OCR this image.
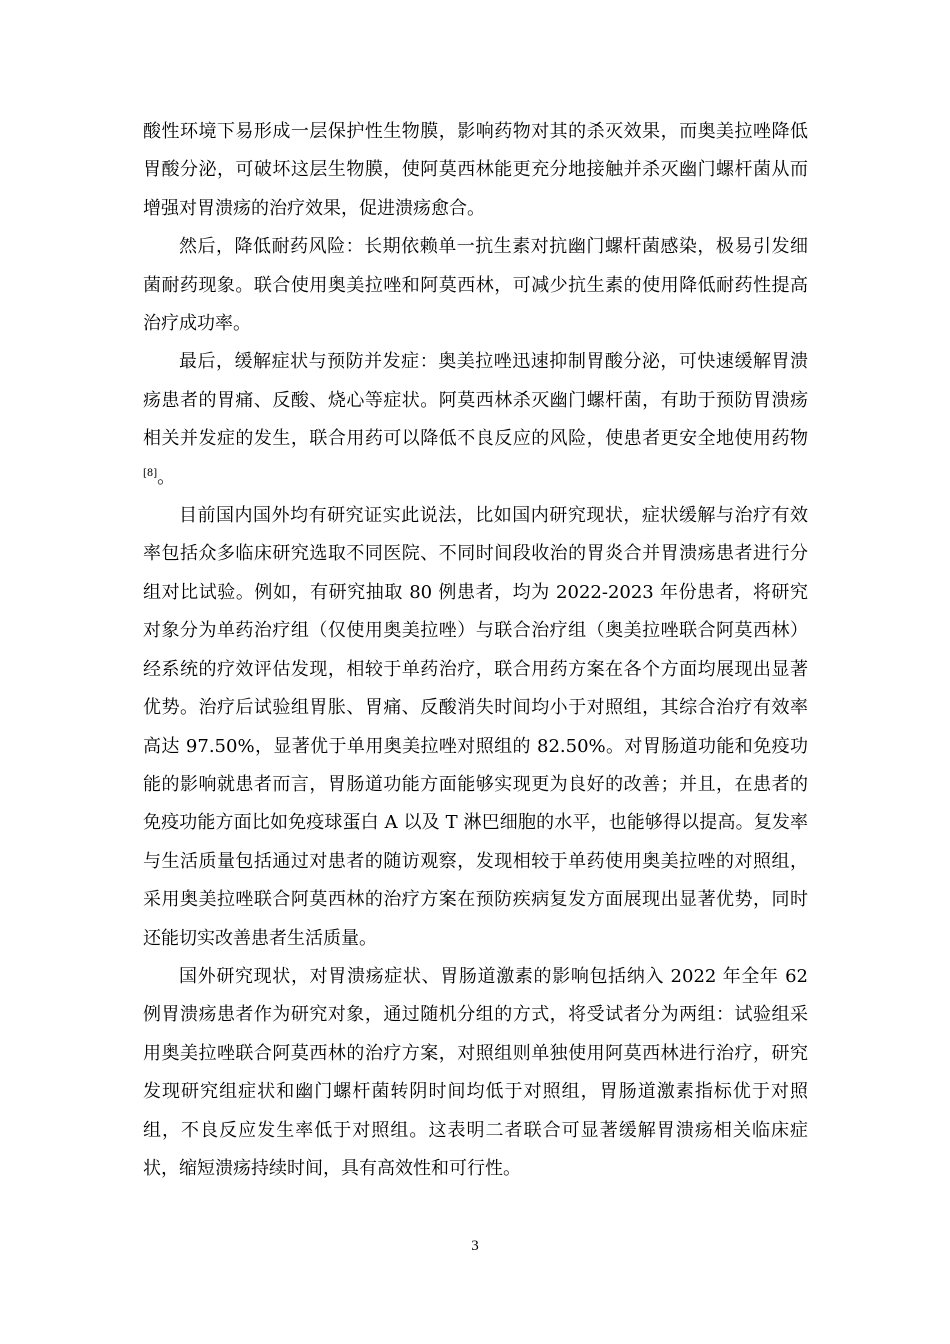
酸性环境下易形成一层保护性生物膜，影响药物对其的杀灭效果，而奥美拉唑降低胃酸分泌，可破坏这层生物膜，使阿莫西林能更充分地接触并杀灭幽门螺杆菌从而增强对胃溃疡的治疗效果，促进溃疡愈合。

然后，降低耐药风险：长期依赖单一抗生素对抗幽门螺杆菌感染，极易引发细菌耐药现象。联合使用奥美拉唑和阿莫西林，可减少抗生素的使用降低耐药性提高治疗成功率。

最后，缓解症状与预防并发症：奥美拉唑迅速抑制胃酸分泌，可快速缓解胃溃疡患者的胃痛、反酸、烧心等症状。阿莫西林杀灭幽门螺杆菌，有助于预防胃溃疡相关并发症的发生，联合用药可以降低不良反应的风险，使患者更安全地使用药物[8]。

目前国内国外均有研究证实此说法，比如国内研究现状，症状缓解与治疗有效率包括众多临床研究选取不同医院、不同时间段收治的胃炎合并胃溃疡患者进行分组对比试验。例如，有研究抽取 80 例患者，均为 2022-2023 年份患者，将研究对象分为单药治疗组（仅使用奥美拉唑）与联合治疗组（奥美拉唑联合阿莫西林）经系统的疗效评估发现，相较于单药治疗，联合用药方案在各个方面均展现出显著优势。治疗后试验组胃胀、胃痛、反酸消失时间均小于对照组，其综合治疗有效率高达 97.50%，显著优于单用奥美拉唑对照组的 82.50%。对胃肠道功能和免疫功能的影响就患者而言，胃肠道功能方面能够实现更为良好的改善；并且，在患者的免疫功能方面比如免疫球蛋白 A 以及 T 淋巴细胞的水平，也能够得以提高。复发率与生活质量包括通过对患者的随访观察，发现相较于单药使用奥美拉唑的对照组，采用奥美拉唑联合阿莫西林的治疗方案在预防疾病复发方面展现出显著优势，同时还能切实改善患者生活质量。

国外研究现状，对胃溃疡症状、胃肠道激素的影响包括纳入 2022 年全年 62 例胃溃疡患者作为研究对象，通过随机分组的方式，将受试者分为两组：试验组采用奥美拉唑联合阿莫西林的治疗方案，对照组则单独使用阿莫西林进行治疗，研究发现研究组症状和幽门螺杆菌转阴时间均低于对照组，胃肠道激素指标优于对照组，不良反应发生率低于对照组。这表明二者联合可显著缓解胃溃疡相关临床症状，缩短溃疡持续时间，具有高效性和可行性。

3
